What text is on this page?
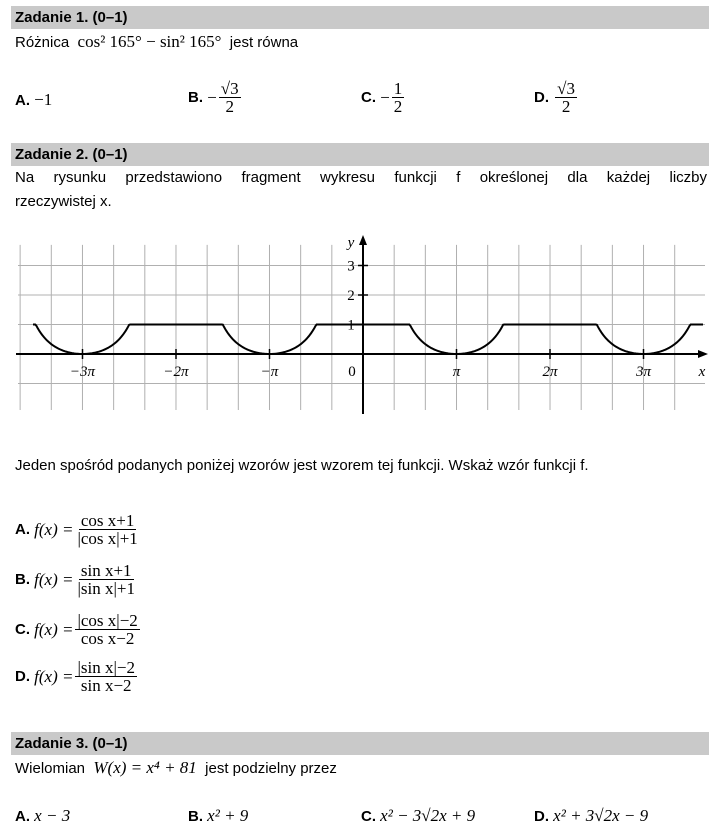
Zadanie 1. (0–1)
Różnica cos² 165° − sin² 165° jest równa
A.
−1	B.
− $\frac{√3}{2}$	C.
− $\frac{1}{2}$	D.
$\frac{√3}{2}$
Zadanie 2. (0–1)
Na rysunku przedstawiono fragment wykresu funkcji f określonej dla każdej liczby
rzeczywistej x.
−3π	−2π	−π	0	π	2π	3π
1
2
3
x
y
Jeden spośród podanych poniżej wzorów jest wzorem tej funkcji. Wskaż wzór funkcji f.
A.
$f(x) = \frac{\text{cos x+1}}{\text{|cos x|+1}}$
B.
$f(x) = \frac{\text{sin x+1}}{\text{|sin x|+1}}$
C.
$f(x) = \frac{\text{|cos x|−2}}{\text{cos x−2}}$
D.
$f(x) = \frac{\text{|sin x|−2}}{\text{sin x−2}}$
Zadanie 3. (0–1)
Wielomian W(x) = x⁴ + 81 jest podzielny przez
A.
x − 3	B.
x² + 9	C.
x² − 3√2x + 9	D.
x² + 3√2x − 9
